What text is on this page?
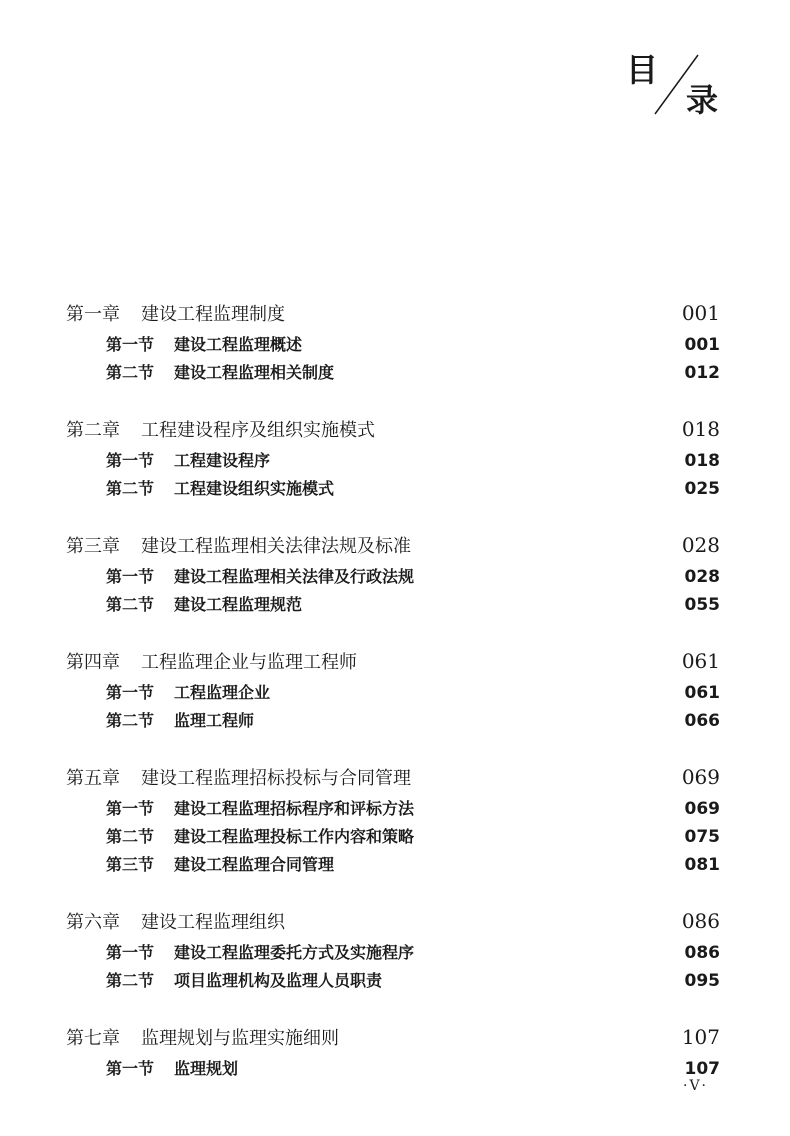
目
录
第一章	建设工程监理制度	001
第一节	建设工程监理概述	001
第二节	建设工程监理相关制度	012
第二章	工程建设程序及组织实施模式	018
第一节	工程建设程序	018
第二节	工程建设组织实施模式	025
第三章	建设工程监理相关法律法规及标准	028
第一节	建设工程监理相关法律及行政法规	028
第二节	建设工程监理规范	055
第四章	工程监理企业与监理工程师	061
第一节	工程监理企业	061
第二节	监理工程师	066
第五章	建设工程监理招标投标与合同管理	069
第一节	建设工程监理招标程序和评标方法	069
第二节	建设工程监理投标工作内容和策略	075
第三节	建设工程监理合同管理	081
第六章	建设工程监理组织	086
第一节	建设工程监理委托方式及实施程序	086
第二节	项目监理机构及监理人员职责	095
第七章	监理规划与监理实施细则	107
第一节	监理规划	107
·V·
